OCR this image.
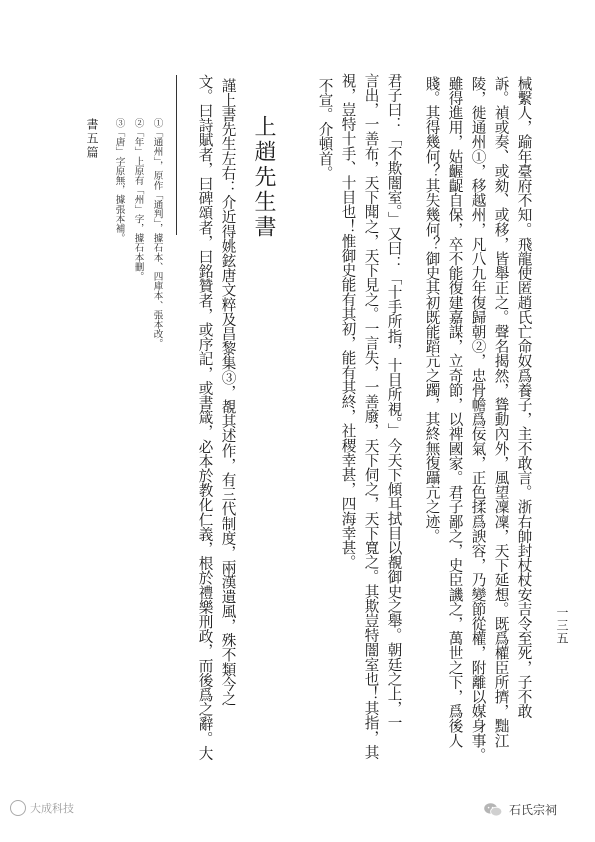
一三五
械繫人，踰年臺府不知。飛龍使匿趙氏亡命奴爲養子，主不敢言。浙右帥封杖杖安吉令至死，子不敢
訴。禎或奏、或劾、或移，皆舉正之。聲名揭然，聳動內外，風望凜凜，天下延想。既爲權臣所擠，黜江
陵，徙通州①，移越州，凡八九年復歸朝②，忠骨幨爲佞氣，正色揉爲諛容，乃變節從權，附離以媒身事。
雖得進用，姑齷齪自保，卒不能復建嘉謀，立奇節，以禆國家。君子鄙之，史臣譏之，萬世之下，爲後人
賤。其得幾何？其失幾何？御史其初既能蹈亢之躅，其終無復躡亢之迹。
君子曰：「不欺闇室。」又曰：「十手所指，十目所視。」今天下傾耳拭目以覩御史之舉。朝廷之上，一
言出，一善布，天下聞之，天下見之。一言失，一善廢，天下伺之，天下寬之。其欺豈特闇室也！其指，其
視，豈特十手、十目也！惟御史能有其初，能有其終，社稷幸甚，四海幸甚。
不宣。介頓首。
上趙先生書
謹上書先生左右：介近得姚鉉唐文粹及昌黎集③，覩其述作，有三代制度，兩漢遺風，殊不類今之
文。曰詩賦者，曰碑頌者，曰銘贊者，或序記，或書箴，必本於教化仁義，根於禮樂刑政，而後爲之辭。大
①「通州」，原作「通判」，據石本、四庫本、張本改。
②「年」上原有「州」字，據石本刪。
③「唐」字原無，據張本補。
書五篇
大成科技	石氏宗祠
